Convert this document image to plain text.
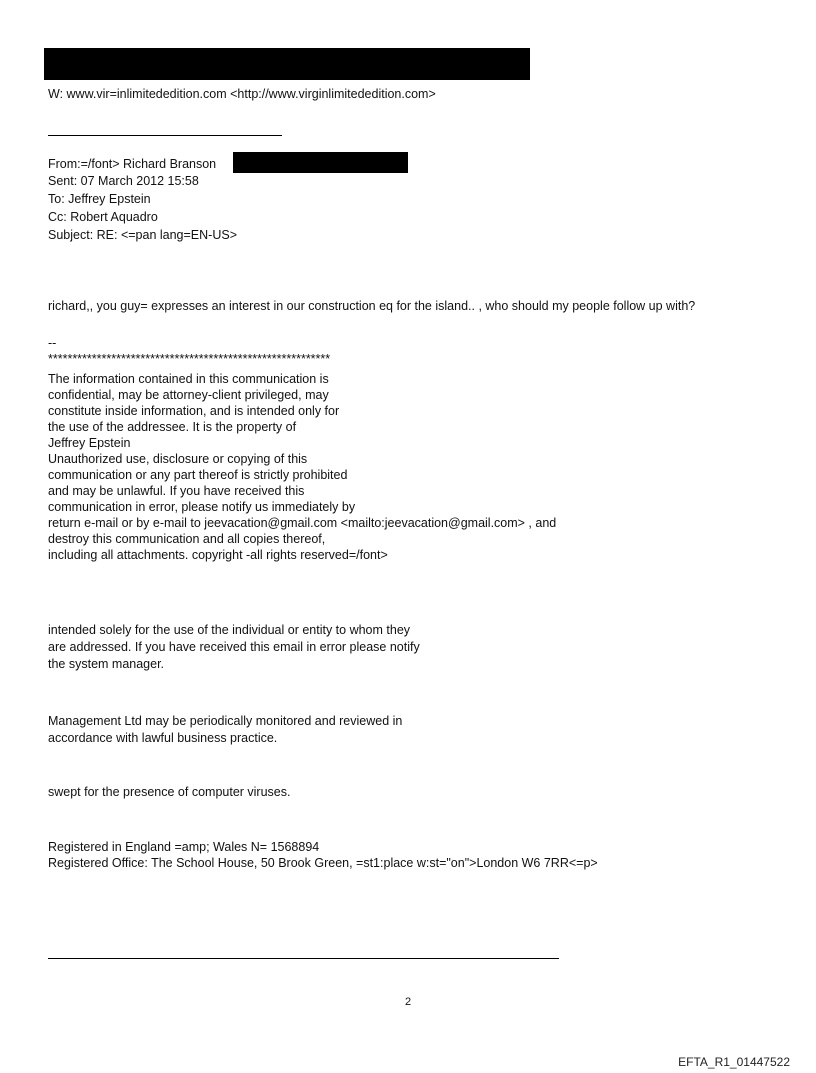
W: www.vir=inlimitededition.com <http://www.virginlimitededition.com>
From:=/font> Richard Branson
Sent: 07 March 2012 15:58
To: Jeffrey Epstein
Cc: Robert Aquadro
Subject: RE: <=pan lang=EN-US>
richard,, you guy= expresses an interest in our construction eq for the island.. , who should my people follow up with?
--
**********************************************************
The information contained in this communication is
confidential, may be attorney-client privileged, may
constitute inside information, and is intended only for
the use of the addressee. It is the property of
Jeffrey Epstein
Unauthorized use, disclosure or copying of this
communication or any part thereof is strictly prohibited
and may be unlawful. If you have received this
communication in error, please notify us immediately by
return e-mail or by e-mail to jeevacation@gmail.com <mailto:jeevacation@gmail.com> , and
destroy this communication and all copies thereof,
including all attachments. copyright -all rights reserved=/font>
intended solely for the use of the individual or entity to whom they
are addressed. If you have received this email in error please notify
the system manager.
Management Ltd may be periodically monitored and reviewed in
accordance with lawful business practice.
swept for the presence of computer viruses.
Registered in England =amp; Wales N= 1568894
Registered Office: The School House, 50 Brook Green, =st1:place w:st="on">London W6 7RR<=p>
2
EFTA_R1_01447522
